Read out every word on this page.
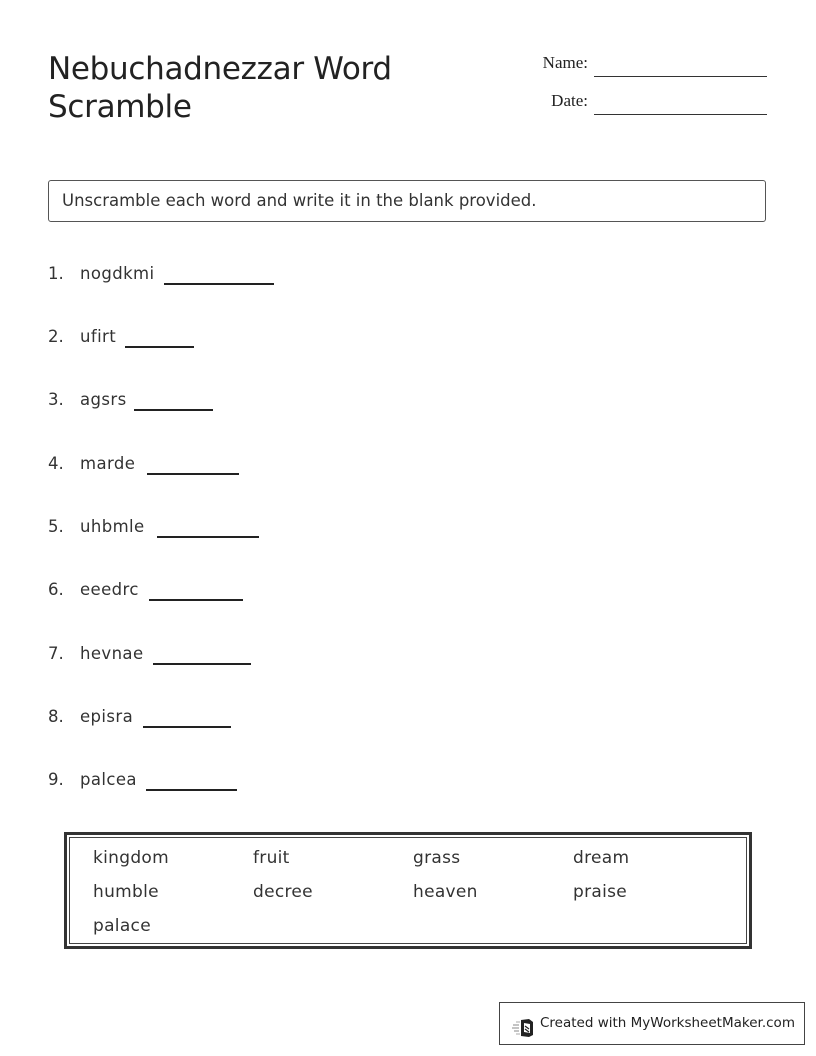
Nebuchadnezzar Word Scramble
Name:
Date:
Unscramble each word and write it in the blank provided.
1. nogdkmi
2. ufirt
3. agsrs
4. marde
5. uhbmle
6. eeedrc
7. hevnae
8. episra
9. palcea
kingdom	fruit	grass	dream
humble	decree	heaven	praise
palace
Created with MyWorksheetMaker.com
